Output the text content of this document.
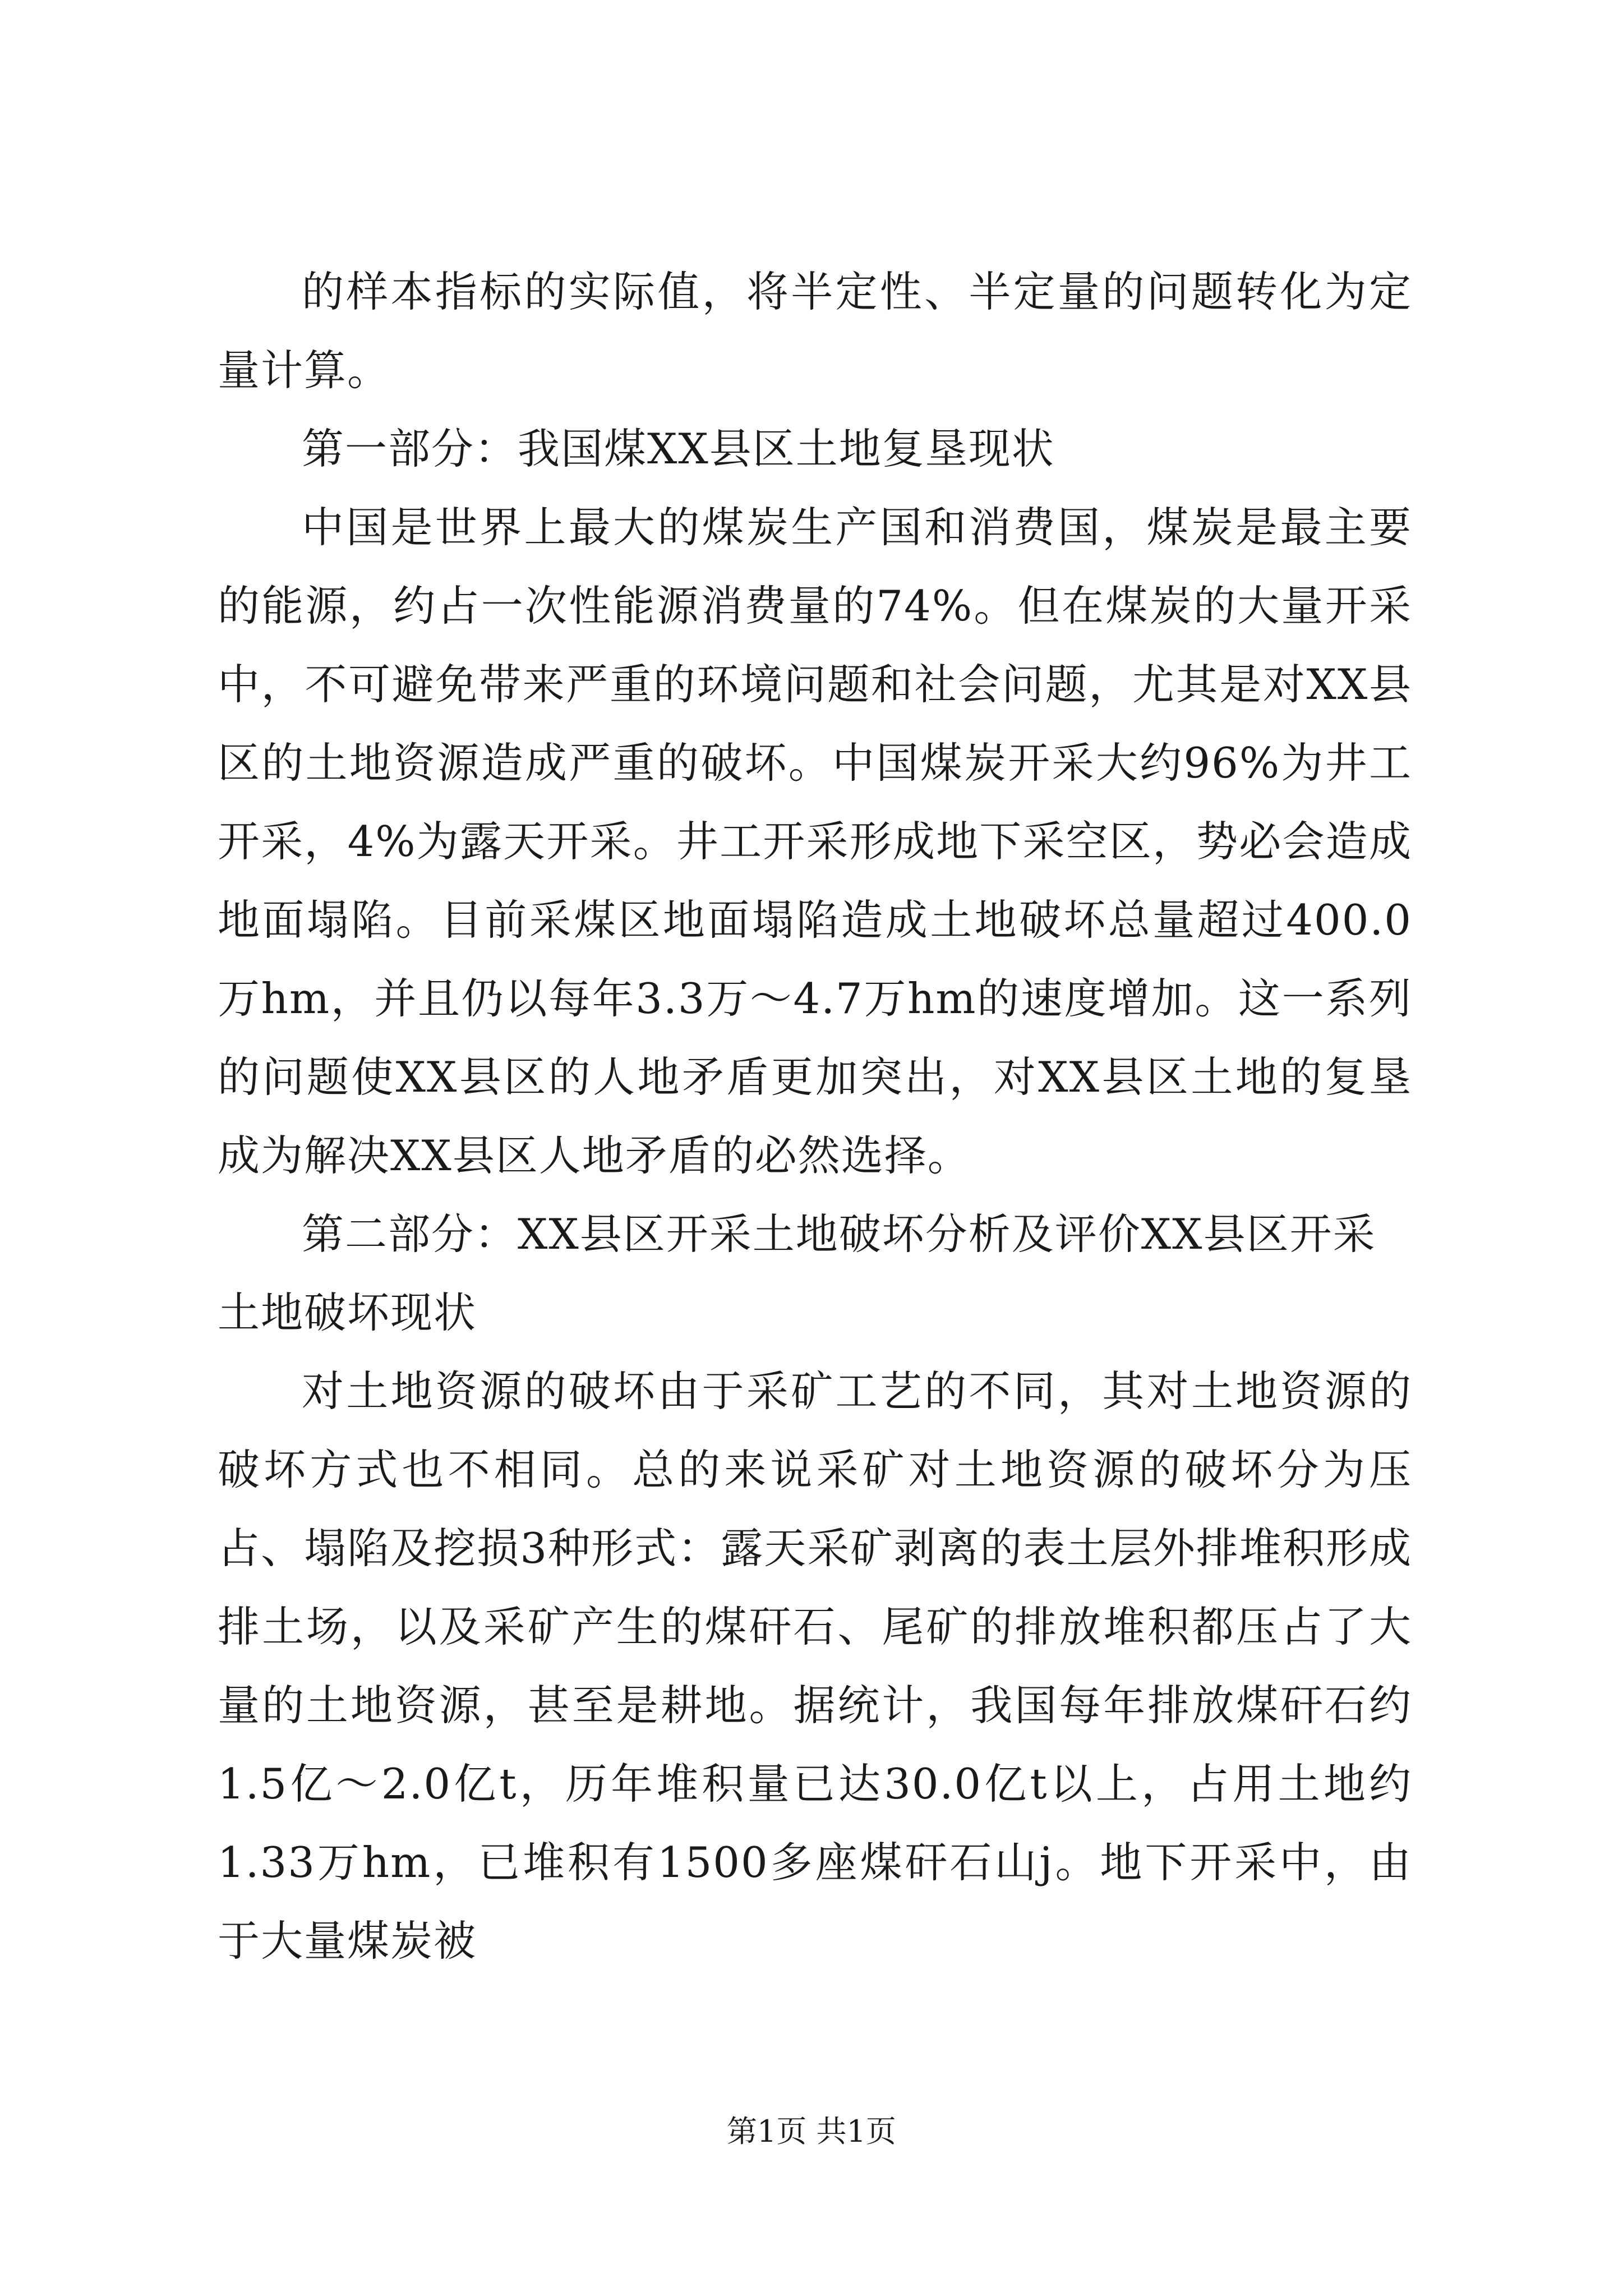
的样本指标的实际值，将半定性、半定量的问题转化为定量计算。

第一部分：我国煤XX县区土地复垦现状

中国是世界上最大的煤炭生产国和消费国，煤炭是最主要的能源，约占一次性能源消费量的74%。但在煤炭的大量开采中，不可避免带来严重的环境问题和社会问题，尤其是对XX县区的土地资源造成严重的破坏。中国煤炭开采大约96%为井工开采，4%为露天开采。井工开采形成地下采空区，势必会造成地面塌陷。目前采煤区地面塌陷造成土地破坏总量超过400.0万hm，并且仍以每年3.3万～4.7万hm的速度增加。这一系列的问题使XX县区的人地矛盾更加突出，对XX县区土地的复垦成为解决XX县区人地矛盾的必然选择。

第二部分：XX县区开采土地破坏分析及评价XX县区开采土地破坏现状

对土地资源的破坏由于采矿工艺的不同，其对土地资源的破坏方式也不相同。总的来说采矿对土地资源的破坏分为压占、塌陷及挖损3种形式：露天采矿剥离的表土层外排堆积形成排土场，以及采矿产生的煤矸石、尾矿的排放堆积都压占了大量的土地资源，甚至是耕地。据统计，我国每年排放煤矸石约1.5亿～2.0亿t，历年堆积量已达30.0亿t以上，占用土地约1.33万hm，已堆积有1500多座煤矸石山j。地下开采中，由于大量煤炭被

第1页 共1页
